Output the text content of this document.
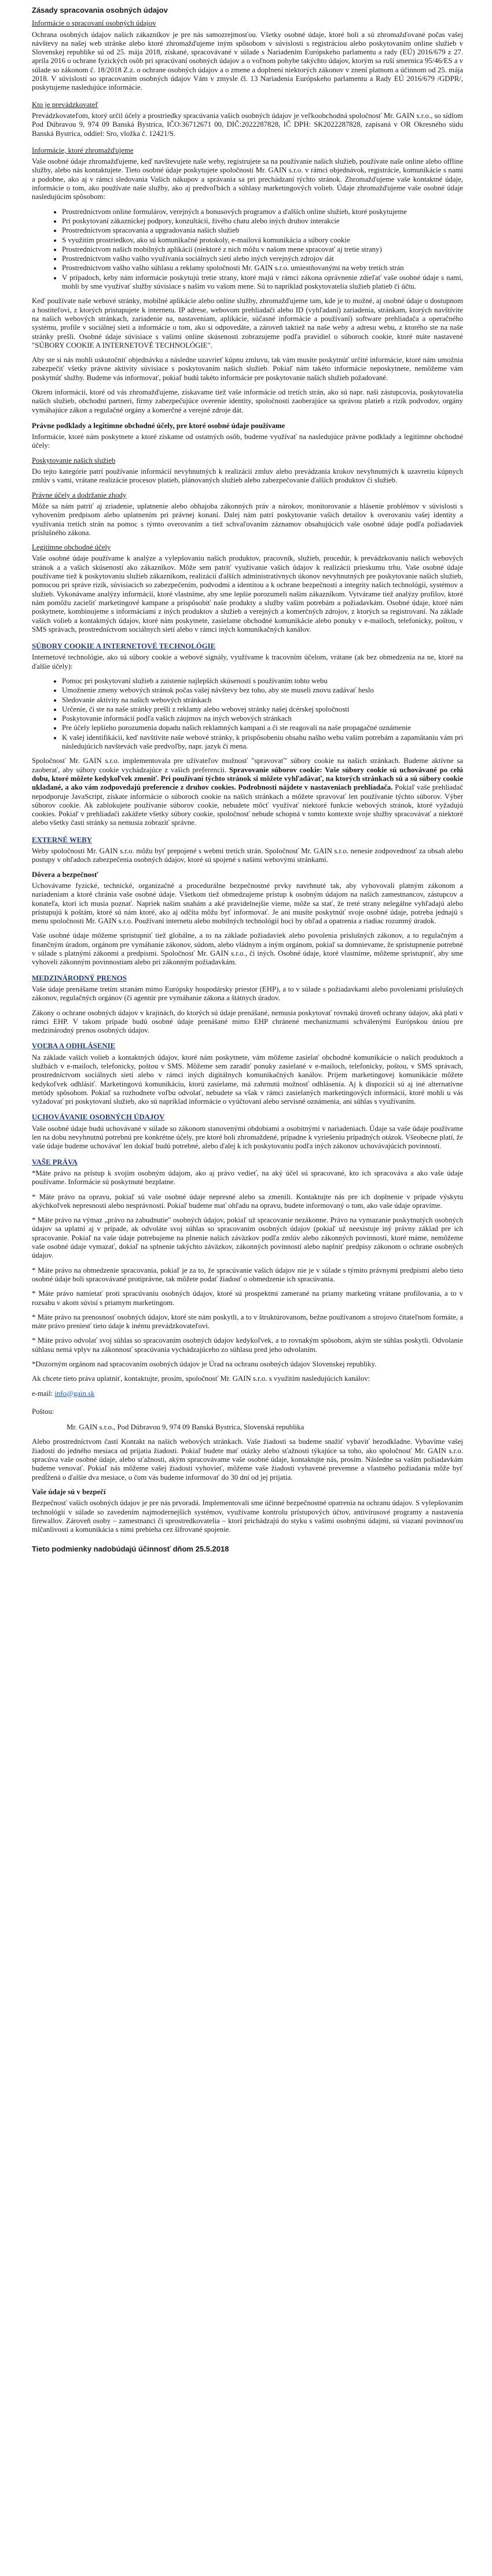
Zásady spracovania osobných údajov
Informácie o spracovaní osobných údajov

Ochrana osobných údajov našich zákazníkov je pre nás samozrejmosťou. Všetky osobné údaje, ktoré boli a sú zhromažďované počas vašej návštevy na našej web stránke alebo ktoré zhromažďujeme iným spôsobom v súvislosti s registráciou alebo poskytovaním online služieb v Slovenskej republike sú od 25. mája 2018, získané, spracovávané v súlade s Nariadením Európskeho parlamentu a rady (EÚ) 2016/679 z 27. apríla 2016 o ochrane fyzických osôb pri spracúvaní osobných údajov a o voľnom pohybe takýchto údajov, ktorým sa ruší smernica 95/46/ES a v súlade so zákonom č. 18/2018 Z.z. o ochrane osobných údajov a o zmene a doplnení niektorých zákonov v znení platnom a účinnom od 25. mája 2018. V súvislosti so spracovaním osobných údajov Vám v zmysle čl. 13 Nariadenia Európskeho parlamentu a Rady EÚ 2016/679 /GDPR/, poskytujeme nasledujúce informácie.

Kto je prevádzkovateľ

Prevádzkovateľom, ktorý určil účely a prostriedky spracúvania vašich osobných údajov je veľkoobchodná spoločnosť Mr. GAIN s.r.o., so sídlom Pod Dúbravou 9, 974 09 Banská Bystrica, IČO:36712671 00, DIČ:2022287828, IČ DPH: SK2022287828, zapísaná v OR Okresného súdu Banská Bystrica, oddiel: Sro, vložka č. 12421/S.

Informácie, ktoré zhromažďujeme

Vaše osobné údaje zhromažďujeme, keď navštevujete naše weby, registrujete sa na používanie našich služieb, používate naše online alebo offline služby, alebo nás kontaktujete. Tieto osobné údaje poskytujete spoločnosti Mr. GAIN s.r.o. v rámci objednávok, registrácie, komunikácie s nami a podobne, ako aj v rámci sledovania Vašich nákupov a správania sa pri prechádzaní týchto stránok. Zhromažďujeme vaše kontaktné údaje, informácie o tom, ako používate naše služby, ako aj predvoľbách a súhlasy marketingových volieb. Údaje zhromažďujeme vaše osobné údaje nasledujúcim spôsobom:

• Prostredníctvom online formulárov, verejných a bonusových programov a ďalších online služieb, ktoré poskytujeme
• Pri poskytovaní zákazníckej podpory, konzultácií, živého chatu alebo iných druhov interakcie
• Prostredníctvom spracovania a upgradovania našich služieb
• S využitím prostriedkov, ako sú komunikačné protokoly, e-mailová komunikácia a súbory cookie
• Prostredníctvom našich mobilných aplikácií (niektoré z nich môžu v našom mene spracovať aj tretie strany)
• Prostredníctvom vašho vašho využívania sociálnych sietí alebo iných verejných zdrojov dát
• Prostredníctvom vašho vašho súhlasu a reklamy spoločnosti Mr. GAIN s.r.o. umiestňovanými na weby tretích strán
• V prípadoch, keby nám informácie poskytujú tretie strany, ktoré majú v rámci zákona oprávnenie zdieľať vaše osobné údaje s nami, mohli by sme využívať služby súvisiace s našim vo vašom mene. Sú to napríklad poskytovatelia služieb platieb či účtu.

Keď používate naše webové stránky, mobilné aplikácie alebo online služby, zhromažďujeme tam, kde je to možné, aj osobné údaje o dostupnom a hostiteľovi, z ktorých pristupujete k internetu. IP adrese, webovom prehliadači alebo ID (vyhľadaní) zariadenia, stránkam, ktorých navštívite na našich webových stránkach, zariadenie na, nastaveniam, aplikácie, súčasné informácie a používaní) software prehliadača a operačného systému, profile v sociálnej sieti a informácie o tom, ako si odpovedáte, a zároveň taktiež na naše weby a adresu webu, z ktorého ste na naše stránky prešli. Osobné údaje súvisiace s vašimi online skúsenosti zobrazujeme podľa pravidiel o súboroch cookie, ktoré máte nastavené "SÚBORY COOKIE A INTERNETOVÉ TECHNOLÓGIE".

Aby ste si nás mohli uskutočniť objednávku a následne uzavrieť kúpnu zmluvu, tak vám musíte poskytnúť určité informácie, ktoré nám umožnia zabezpečiť všetky právne aktivity súvisiace s poskytovaním našich služieb. Pokiaľ nám takéto informácie neposkytnete, nemôžeme vám poskytnúť služby. Budeme vás informovať, pokiaľ budú takéto informácie pre poskytovanie našich služieb požadované.

Okrem informácií, ktoré od vás zhromažďujeme, získavame tiež vaše informácie od tretích strán, ako sú napr. naši zástupcovia, poskytovatelia našich služieb, obchodní partneri, firmy zabezpečujúce overenie identity, spoločnosti zaoberajúce sa správou platieb a rizík podvodov, orgány vymáhajúce zákon a regulačné orgány a komerčné a verejné zdroje dát.

Právne podklady a legitímne obchodné účely, pre ktoré osobné údaje používame

Informácie, ktoré nám poskytnete a ktoré získame od ostatných osôb, budeme využívať na nasledujúce právne podklady a legitímne obchodné účely:

Poskytovanie našich služieb

Do tejto kategórie patrí používanie informácií nevyhnutných k realizácii zmluv alebo prevádzania krokov nevyhnutných k uzavretiu kúpnych zmlúv s vami, vrátane realizácie procesov platieb, plánovaných služieb alebo zabezpečovanie ďalších produktov či služieb.

Právne účely a dodržanie zhody

Môže sa nám patriť aj zriadenie, uplatnenie alebo obhajoba zákonných práv a nárokov, monitorovanie a hlásenie problémov v súvislosti s vyhovením predpisom alebo uplatnením pri právnej konaní. Dalej nám patrí poskytovanie vašich detailov k overovaniu vašej identity a využívania tretích strán na pomoc s týmto overovaním a tiež schvaľovaním záznamov obsahujúcich vaše osobné údaje podľa požiadaviek príslušného zákona.

Legitímne obchodné účely

Vaše osobné údaje používame k analýze a vylepšovaniu našich produktov, pracovník, služieb, procedúr, k prevádzkovaniu našich webových stránok a a vašich skúseností ako zákazníkov. Môže sem patriť využívanie vašich údajov k realizácii prieskumu trhu. Vaše osobné údaje používame tiež k poskytovaniu služieb zákazníkom, realizácií ďalších administratívnych úkonov nevyhnutných pre poskytovanie našich služieb, pomocou pri správe rizík, súvisiacich so zabezpečením, podvodmi a identitou a k ochrane bezpečnosti a integrity našich technológií, systémov a služieb. Vykonávame analýzy informácií, ktoré vlastníme, aby sme lepšie porozumeli našim zákazníkom. Vytvárame tiež analýzy profilov, ktoré nám pomôžu zacieliť marketingové kampane a prispôsobiť naše produkty a služby vašim potrebám a požiadavkám. Osobné údaje, ktoré nám poskytnete, kombinujeme s informáciami z iných produktov a služieb a verejných a komerčných zdrojov, z ktorých sa registrovaní. Na základe vašich volieb a kontaktných údajov, ktoré nám poskytnete, zasielame obchodné komunikácie alebo ponuky v e-mailoch, telefonicky, poštou, v SMS správach, prostredníctvom sociálnych sietí alebo v rámci iných komunikačných kanálov.

SÚBORY COOKIE A INTERNETOVÉ TECHNOLÓGIE

Internetové technológie, ako sú súbory cookie a webové signály, využívame k tracovním účelom, vrátane (ak bez obmedzenia na ne, ktoré na ďalšie účely):

• Pomoc pri poskytovaní služieb a zaistenie najlepších skúseností s používaním tohto webu
• Umožnenie zmeny webových stránok počas vašej návštevy bez toho, aby ste museli znovu zadávať heslo
• Sledovanie aktivity na našich webových stránkach
• Určenie, či ste na naše stránky prešli z reklamy alebo webovej stránky našej dcérskej spoločnosti
• Poskytovanie informácií podľa vašich záujmov na iných webových stránkach
• Pre účely lepšieho porozumenia dopadu našich reklamných kampaní a či ste reagovali na naše propagačné oznámenie
• K vašej identifikácii, keď navštívite naše webové stránky, k prispôsobeniu obsahu našho webu vašim potrebám a zapamätaniu vám pri následujúcich navštevách vaše predvoľby, napr. jazyk či mena.

Spoločnosť Mr. GAIN s.r.o. implementovala pre užívateľov možnosť "spravovať" súbory cookie na našich stránkach. Budeme aktívne sa zaoberať, aby súbory cookie vychádzajúce z vašich preferencii. Spravovanie súborov cookie: Vaše súbory cookie sú uchovávané po celú dobu, ktoré môžete kedykoľvek zmeniť. Pri používaní týchto stránok si môžete vyhľadávať, na ktorých stránkach sú a sú súbory cookie ukladané, a ako vám zodpovedajú preferencie z druhov cookies. Podrobnosti nájdete v nastaveniach prehliadača. Pokiaľ vaše prehliadač nepodporuje JavaScript, získate informácie o súboroch cookie na našich stránkach a môžete spravovať len používanie týchto súborov. Výber súborov cookie. Ak zablokujete používanie súborov cookie, nebudete môcť využívať niektoré funkcie webových stránok, ktoré vyžadujú cookies. Pokiaľ v prehliadači zakážete všetky súbory cookie, spoločnosť nebude schopná v tomto kontexte svoje služby spracovávať a niektoré alebo všetky časti stránky sa nemusia zobraziť správne.

EXTERNÉ WEBY

Weby spoločnosti Mr. GAIN s.r.o. môžu byť prepojené s webmi tretích strán. Spoločnosť Mr. GAIN s.r.o. nenesie zodpovednosť za obsah alebo postupy v ohľadoch zabezpečenia osobných údajov, ktoré sú spojené s našimi webovými stránkami.

Dôvera a bezpečnosť

Uchovávame fyzické, technické, organizačné a procedurálne bezpečnostné prvky navrhnuté tak, aby vyhovovali platným zákonom a nariadeniam a ktoré chránia vaše osobné údaje. Všetkom tiež obmedzujeme prístup k osobným údajom na našich zamestnancov, zástupcov a konateľa, ktorí ich musia poznať. Napriek našim snahám a aké pravidelnejšie vieme, môže sa stať, že treté strany nelegálne vyhľadajú alebo prístupujú k poštám, ktoré sú nám ktoré, ako aj odčíta môžu byť informovať. Je ani musíte poskytnúť svoje osobné údaje, potreba jednajú s menu spoločnosti Mr. GAIN s.r.o. Používaní internetu alebo mobilných technológií hoci by ohľad a opatrenia a riadiac rozumný úradok.

Vaše osobné údaje môžeme spristupniť tiež globálne, a to na základe požiadaviek alebo povolenia príslušných zákonov, a to regulačným a finančným úradom, orgánom pre vymáhanie zákonov, súdom, alebo vládnym a iným orgánom, pokiaľ sa domnievame, že spristupnenie potrebné v súlade s platnými zákonmi a predpismi. Spoločnosť Mr. GAIN s.r.o., či iných. Osobné údaje, ktoré vlastníme, môžeme spristupniť, aby sme vyhoveli zákonným povinnostiam alebo pri zákonným požiadavkám.

MEDZINÁRODNÝ PRENOS

Vaše údaje prenášame tretím stranám mimo Európsky hospodársky priestor (EHP), a to v súlade s požiadavkami alebo povoleniami príslušných zákonov, regulačných orgánov (či agentúr pre vymáhanie zákona a štátnych úradov.

Zákony o ochrane osobných údajov v krajinách, do ktorých sú údaje prenášané, nemusia poskytovať rovnakú úroveň ochrany údajov, aká platí v rámci EHP. V takom prípade budú osobné údaje prenášané mimo EHP chránené mechanizmami schválenými Európskou úniou pre medzinárodný prenos osobných údajov.

VOĽBA A ODHLÁSENIE

Na základe vašich volieb a kontaktných údajov, ktoré nám poskytnete, vám môžeme zasielať obchodné komunikácie o našich produktoch a službách v e-mailoch, telefonicky, poštou v SMS. Môžeme sem zaradiť ponuky zasielané v e-mailoch, telefonicky, poštou, v SMS správach, prostredníctvom sociálnych sietí alebo v rámci iných digitálnych komunikačných kanálov. Prijem marketingovej komunikácie môžete kedykoľvek odhlásiť. Marketingovú komunikáciu, ktorú zasielame, má zahrnutú možnosť odhlásenia. Aj k dispozícii sú aj iné alternatívne metódy spôsobom. Pokiaľ sa rozhodnete voľbu odvolať, nebudete sa však v rámci zasielaných marketingových informácii, ktoré mohli u vás vyžadovať pri poskytovaní služieb, ako sú napríklad informácie o vyúčtovaní alebo servisné oznámenia, ani súhlas s využívaním.

UCHOVÁVANIE OSOBNÝCH ÚDAJOV

Vaše osobné údaje budú uchovávané v súlade so zákonom stanovenými obdobiami a osobitnými v nariadeniach. Údaje sa vaše údaje používame len na dobu nevyhnutnú potrebnú pre konkrétne účely, pre ktoré boli zhromaždené, prípadne k vyriešeniu prípadných otázok. Všeobecne platí, že vaše údaje budeme uchovávať len dokiaľ budú potrebné, alebo ďalej k ich poskytovaniu podľa iných zákonov uchovávajúcich povinností.

VAŠE PRÁVA

*Máte právo na prístup k svojim osobným údajom, ako aj právo vedieť, na aký účel sú spracované, kto ich spracováva a ako vaše údaje používame. Informácie sú poskytnuté bezplatne.

* Máte právo na opravu, pokiaľ sú vaše osobné údaje nepresné alebo sa zmenili. Kontaktujte nás pre ich doplnenie v prípade výskytu akýchkoľvek nepresností alebo nesprávností. Pokiaľ budeme mať ohľadu na opravu, budete informovaný o tom, ako vaše údaje opravíme.

* Máte právo na výmaz „právo na zabudnutie" osobných údajov, pokiaľ už spracovanie nezákonne. Právo na vymazanie poskytnutých osobných údajov sa uplatní aj v prípade, ak odvoláte svoj súhlas so spracovaním osobných údajov (pokiaľ už neexistuje iný právny základ pre ich spracovanie. Pokiaľ na vaše údaje potrebujeme na plnenie našich záväzkov podľa zmlúv alebo zákonných povinností, ktoré máme, nemôžeme vaše osobné údaje vymazať, dokiaľ na splnenie takýchto záväzkov, zákonných povinností alebo naplniť predpisy zákonom o ochrane osobných údajov.

* Máte právo na obmedzenie spracovania, pokiaľ je za to, že spracúvanie vašich údajov nie je v súlade s týmito právnymi predpismi alebo tieto osobné údaje boli spracovávané protiprávne, tak môžete podať žiadosť o obmedzenie ich spracúvania.

* Máte právo namietať proti spracúvaniu osobných údajov, ktoré sú prospektmi zamerané na priamy marketing vrátane profilovania, a to v rozsahu v akom súvisí s priamym marketingom.

* Máte právo na prenosnosť osobných údajov, ktoré ste nám poskytli, a to v štruktúrovanom, bežne používanom a strojovo čitateľnom formáte, a máte právo preniesť tieto údaje k inému prevádzkovateľovi.

* Máte právo odvolať svoj súhlas so spracovaním osobných údajov kedykoľvek, a to rovnakým spôsobom, akým ste súhlas poskytli. Odvolanie súhlasu nemá vplyv na zákonnosť spracúvania vychádzajúceho zo súhlasu pred jeho odvolaním.

*Dozorným orgánom nad spracovaním osobných údajov je Úrad na ochranu osobných údajov Slovenskej republiky.

Ak chcete tieto práva uplatniť, kontaktujte, prosím, spoločnosť Mr. GAIN s.r.o. s využitím nasledujúcich kanálov:

e-mail: info@gain.sk

Poštou:

Mr. GAIN s.r.o., Pod Dúbravou 9, 974 09 Banská Bystrica, Slovenská republika

Alebo prostredníctvom častí Kontakt na našich webových stránkach. Vaše žiadosti sa budeme snažiť vybaviť bezodkladne. Vybavíme vašej žiadosti do jedného mesiaca od prijatia žiadosti. Pokiaľ budete mať otázky alebo sťažnosti týkajúce sa toho, ako spoločnosť Mr. GAIN s.r.o. spracúva vaše osobné údaje, alebo sťažnosti, akým spracovávame vaše osobné údaje, kontaktujte nás, prosím. Následne sa vaším požiadavkám budeme venovať. Pokiaľ nás môžeme vašej žiadosti vyhovieť, môžeme vaše žiadosti vybavené prevemne a vlastného požiadania môže byť predĺžená o ďalšie dva mesiace, o čom vás budeme informovať do 30 dní od jej prijatia.

Vaše údaje sú v bezpečí

Bezpečnosť vašich osobných údajov je pre nás prvoradá. Implementovali sme účinné bezpečnostné opatrenia na ochranu údajov. S vylepšovaním technológií v súlade so zavedením najmodernejších systémov, využívame kontrolu prístupových účtov, antivírusové programy a nastavenia firewallov. Zároveň osoby – zamestnanci či sprostredkovatelia – ktorí prichádzajú do styku s vašimi osobnými údajmi, sú viazaní povinnosťou mlčanlivosti a komunikácia s nimi prebieha cez šifrované spojenie.

Tieto podmienky nadobúdajú účinnosť dňom 25.5.2018
